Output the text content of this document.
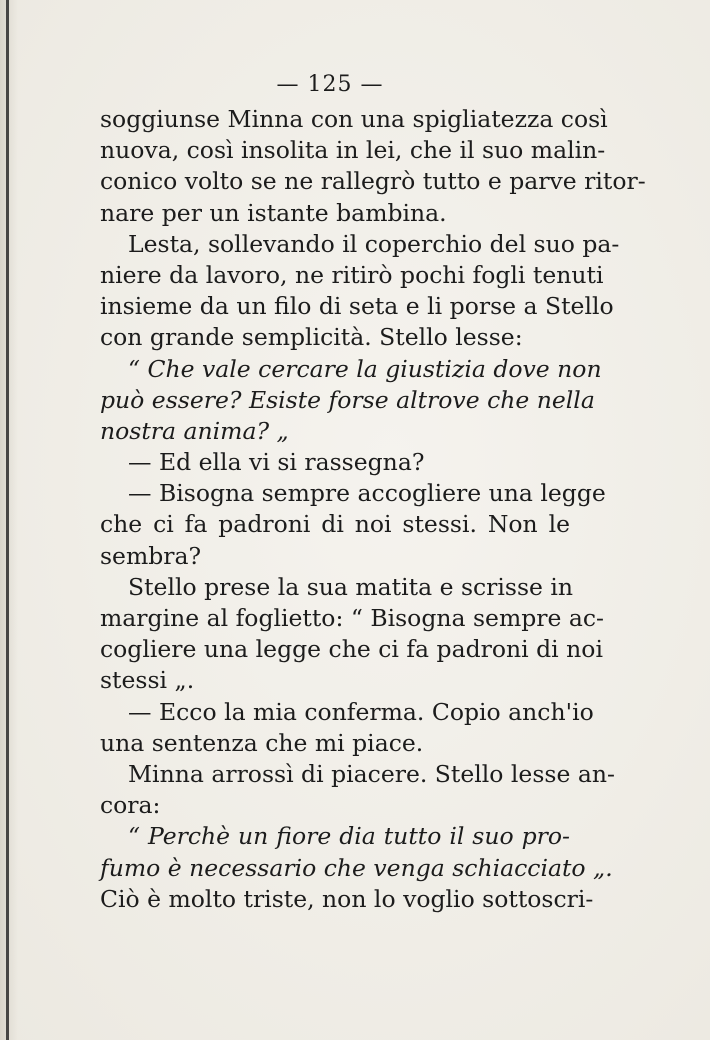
— 125 —
soggiunse Minna con una spigliatezza così
nuova, così insolita in lei, che il suo malin-
conico volto se ne rallegrò tutto e parve ritor-
nare per un istante bambina.
Lesta, sollevando il coperchio del suo pa-
niere da lavoro, ne ritirò pochi fogli tenuti
insieme da un filo di seta e li porse a Stello
con grande semplicità. Stello lesse:
“ Che vale cercare la giustizia dove non
può essere? Esiste forse altrove che nella
nostra anima? „
— Ed ella vi si rassegna?
— Bisogna sempre accogliere una legge
che ci fa padroni di noi stessi. Non le
sembra?
Stello prese la sua matita e scrisse in
margine al foglietto: “ Bisogna sempre ac-
cogliere una legge che ci fa padroni di noi
stessi „.
— Ecco la mia conferma. Copio anch'io
una sentenza che mi piace.
Minna arrossì di piacere. Stello lesse an-
cora:
“ Perchè un fiore dia tutto il suo pro-
fumo è necessario che venga schiacciato „.
Ciò è molto triste, non lo voglio sottoscri-
